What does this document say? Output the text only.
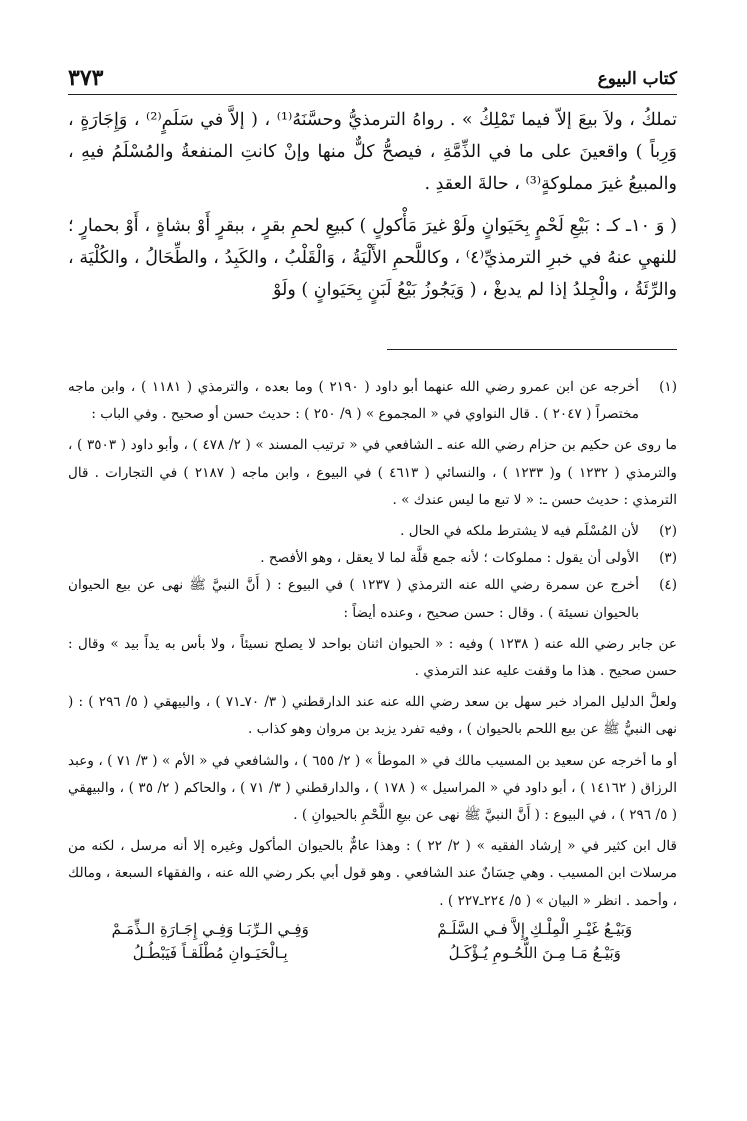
كتاب البيوع
٣٧٣

تملكُ ، ولاَ بيعَ إلاّ فيما تَمْلِكُ » . رواهُ الترمذيُّ وحسَّنَهُ⁽¹⁾ ، ( إلاَّ في سَلَمٍ⁽²⁾ ، وَإِجَارَةٍ ، وَرِباً ) واقعينَ على ما في الذِّمَّةِ ، فيصحُّ كلٌّ منها وإنْ كانتِ المنفعةُ والمُسْلَمُ فيهِ ، والمبيعُ غيرَ مملوكةٍ⁽³⁾ ، حالةَ العقدِ .

( وَ ١٠ـ كـ : بَيْعِ لَحْمٍ بِحَيَوانٍ ولَوْ غيرَ مَأْكولٍ ) كبيعِ لحمِ بقرٍ ، ببقرٍ أَوْ بشاةٍ ، أَوْ بحمارٍ ؛ للنهيِ عنهُ في خبرِ الترمذيِّ⁽٤⁾ ، وكاللَّحمِ الأَلْيَةُ ، وَالْقَلْبُ ، والكَبِدُ ، والطِّحَالُ ، والكُلْيَة ، والرِّئَةُ ، والْجِلدُ إذا لم يدبغْ ، ( وَيَجُوزُ بَيْعُ لَبَنٍ بِحَيَوانٍ ) ولَوْ

(١)
أخرجه عن ابن عمرو رضي الله عنهما أبو داود ( ٢١٩٠ ) وما بعده ، والترمذي ( ١١٨١ ) ، وابن ماجه مختصراً ( ٢٠٤٧ ) . قال النواوي في « المجموع » ( ٩/ ٢٥٠ ) : حديث حسن أو صحيح . وفي الباب :
ما روى عن حكيم بن حزام رضي الله عنه ـ الشافعي في « ترتيب المسند » ( ٢/ ٤٧٨ ) ، وأبو داود ( ٣٥٠٣ ) ، والترمذي ( ١٢٣٢ ) و( ١٢٣٣ ) ، والنسائي ( ٤٦١٣ ) في البيوع ، وابن ماجه ( ٢١٨٧ ) في التجارات . قال الترمذي : حديث حسن ـ: « لا تبع ما ليس عندك » .
(٢)
لأن المُسْلَم فيه لا يشترط ملكه في الحال .
(٣)
الأولى أن يقول : مملوكات ؛ لأنه جمع قلَّة لما لا يعقل ، وهو الأفصح .
(٤)
أخرج عن سمرة رضي الله عنه الترمذي ( ١٢٣٧ ) في البيوع : ( أَنَّ النبيَّ ﷺ نهى عن بيع الحيوان بالحيوان نسيئة ) . وقال : حسن صحيح ، وعنده أيضاً :
عن جابر رضي الله عنه ( ١٢٣٨ ) وفيه : « الحيوان اثنان بواحد لا يصلح نسيئاً ، ولا بأس به يداً بيد » وقال : حسن صحيح . هذا ما وقفت عليه عند الترمذي .
ولعلَّ الدليل المراد خبر سهل بن سعد رضي الله عنه عند الدارقطني ( ٣/ ٧٠ـ٧١ ) ، والبيهقي ( ٥/ ٢٩٦ ) : ( نهى النبيُّ ﷺ عن بيع اللحم بالحيوان ) ، وفيه تفرد يزيد بن مروان وهو كذاب .
أو ما أخرجه عن سعيد بن المسيب مالك في « الموطأ » ( ٢/ ٦٥٥ ) ، والشافعي في « الأم » ( ٣/ ٧١ ) ، وعبد الرزاق ( ١٤١٦٢ ) ، أبو داود في « المراسيل » ( ١٧٨ ) ، والدارقطني ( ٣/ ٧١ ) ، والحاكم ( ٢/ ٣٥ ) ، والبيهقي ( ٥/ ٢٩٦ ) ، في البيوع : ( أَنَّ النبيَّ ﷺ نهى عن بيعِ اللَّحْمِ بالحيوانِ ) .
قال ابن كثير في « إرشاد الفقيه » ( ٢/ ٢٢ ) : وهذا عامٌّ بالحيوان المأكول وغيره إلا أنه مرسل ، لكنه من مرسلات ابن المسيب . وهي حِسَانٌ عند الشافعي . وهو قول أبي بكر رضي الله عنه ، والفقهاء السبعة ، ومالك ، وأحمد . انظر « البيان » ( ٥/ ٢٢٤ـ٢٢٧ ) .
وَبَيْـعُ غَيْـرِ الْمِلْـكِ إِلاَّ فـي السَّلَـمْ
وَفِـي الـرِّبَـا وَفِـي إِجَـارَةِ الـذِّمَـمْ
وَبَيْـعُ مَـا مِـنَ اللُّحُـومِ يُـؤْكَـلُ
بِـالْحَيَـوانِ مُطْلَقـاً فَيَبْطُـلُ
